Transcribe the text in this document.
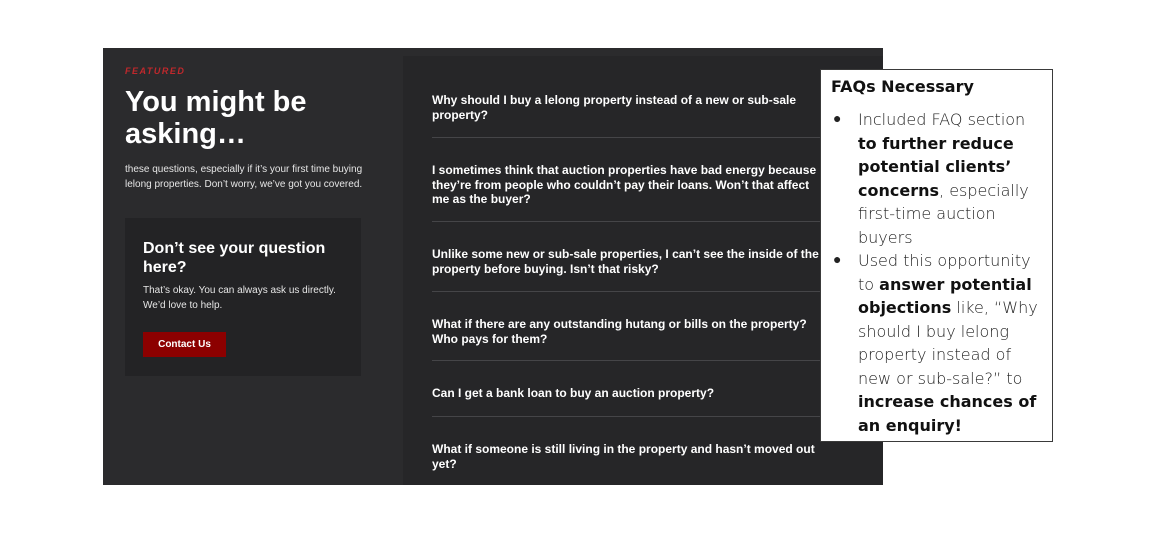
FEATURED
You might be asking…
these questions, especially if it’s your first time buying lelong properties. Don’t worry, we’ve got you covered.
Don’t see your question here?
That’s okay. You can always ask us directly. We’d love to help.
Contact Us
Why should I buy a lelong property instead of a new or sub-sale property?
I sometimes think that auction properties have bad energy because they’re from people who couldn’t pay their loans. Won’t that affect me as the buyer?
Unlike some new or sub-sale properties, I can’t see the inside of the property before buying. Isn’t that risky?
What if there are any outstanding hutang or bills on the property? Who pays for them?
Can I get a bank loan to buy an auction property?
What if someone is still living in the property and hasn’t moved out yet?
FAQs Necessary
● Included FAQ section to further reduce potential clients’ concerns, especially first-time auction buyers
● Used this opportunity to answer potential objections like, “Why should I buy lelong property instead of new or sub-sale?” to increase chances of an enquiry!
